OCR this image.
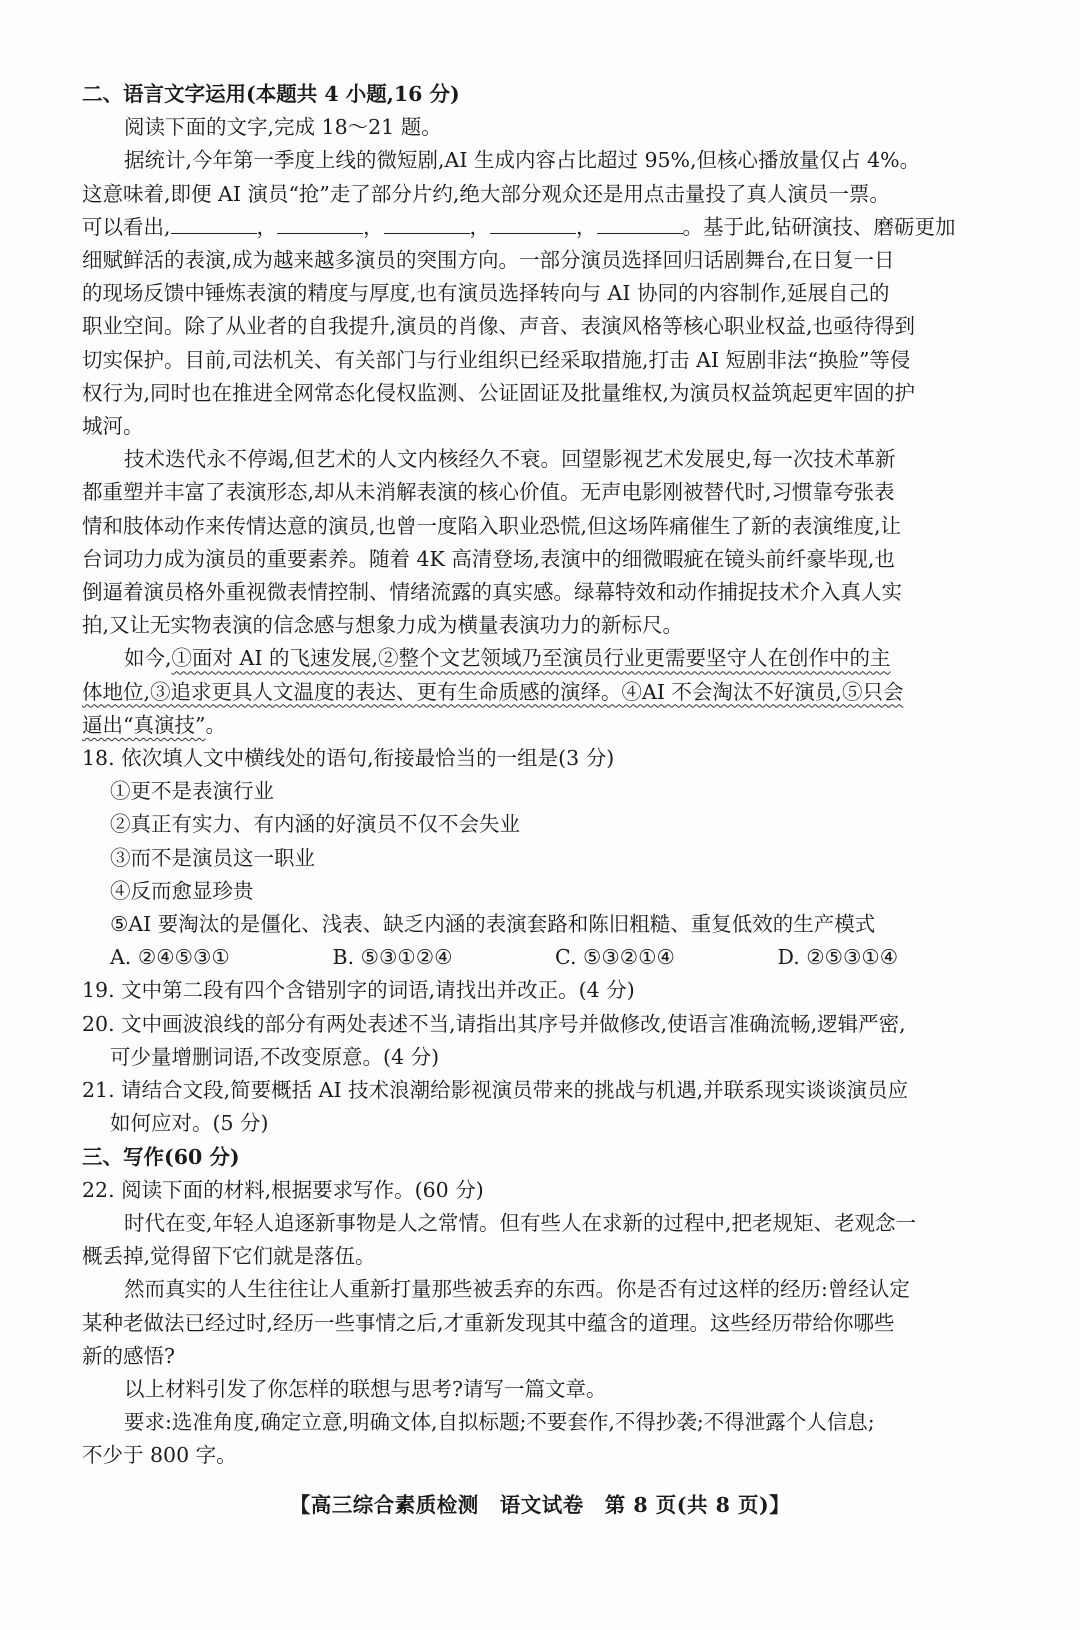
二、语言文字运用(本题共 4 小题,16 分)
阅读下面的文字,完成 18～21 题。
据统计,今年第一季度上线的微短剧,AI 生成内容占比超过 95%,但核心播放量仅占 4%。
这意味着,即便 AI 演员“抢”走了部分片约,绝大部分观众还是用点击量投了真人演员一票。
可以看出,	，	，	，	，	。基于此,钻研演技、磨砺更加
细赋鲜活的表演,成为越来越多演员的突围方向。一部分演员选择回归话剧舞台,在日复一日
的现场反馈中锤炼表演的精度与厚度,也有演员选择转向与 AI 协同的内容制作,延展自己的
职业空间。除了从业者的自我提升,演员的肖像、声音、表演风格等核心职业权益,也亟待得到
切实保护。目前,司法机关、有关部门与行业组织已经采取措施,打击 AI 短剧非法“换脸”等侵
权行为,同时也在推进全网常态化侵权监测、公证固证及批量维权,为演员权益筑起更牢固的护
城河。
技术迭代永不停竭,但艺术的人文内核经久不衰。回望影视艺术发展史,每一次技术革新
都重塑并丰富了表演形态,却从未消解表演的核心价值。无声电影刚被替代时,习惯靠夸张表
情和肢体动作来传情达意的演员,也曾一度陷入职业恐慌,但这场阵痛催生了新的表演维度,让
台词功力成为演员的重要素养。随着 4K 高清登场,表演中的细微暇疵在镜头前纤豪毕现,也
倒逼着演员格外重视微表情控制、情绪流露的真实感。绿幕特效和动作捕捉技术介入真人实
拍,又让无实物表演的信念感与想象力成为横量表演功力的新标尺。
如今,①面对 AI 的飞速发展,②整个文艺领域乃至演员行业更需要坚守人在创作中的主
体地位,③追求更具人文温度的表达、更有生命质感的演绎。④AI 不会淘汰不好演员,⑤只会
逼出“真演技”。
18. 依次填人文中横线处的语句,衔接最恰当的一组是(3 分)
①更不是表演行业
②真正有实力、有内涵的好演员不仅不会失业
③而不是演员这一职业
④反而愈显珍贵
⑤AI 要淘汰的是僵化、浅表、缺乏内涵的表演套路和陈旧粗糙、重复低效的生产模式
A. ②④⑤③①	B. ⑤③①②④	C. ⑤③②①④	D. ②⑤③①④
19. 文中第二段有四个含错别字的词语,请找出并改正。(4 分)
20. 文中画波浪线的部分有两处表述不当,请指出其序号并做修改,使语言准确流畅,逻辑严密,
可少量增删词语,不改变原意。(4 分)
21. 请结合文段,简要概括 AI 技术浪潮给影视演员带来的挑战与机遇,并联系现实谈谈演员应
如何应对。(5 分)
三、写作(60 分)
22. 阅读下面的材料,根据要求写作。(60 分)
时代在变,年轻人追逐新事物是人之常情。但有些人在求新的过程中,把老规矩、老观念一
概丢掉,觉得留下它们就是落伍。
然而真实的人生往往让人重新打量那些被丢弃的东西。你是否有过这样的经历:曾经认定
某种老做法已经过时,经历一些事情之后,才重新发现其中蕴含的道理。这些经历带给你哪些
新的感悟?
以上材料引发了你怎样的联想与思考?请写一篇文章。
要求:选准角度,确定立意,明确文体,自拟标题;不要套作,不得抄袭;不得泄露个人信息;
不少于 800 字。
【高三综合素质检测　语文试卷　第 8 页(共 8 页)】
